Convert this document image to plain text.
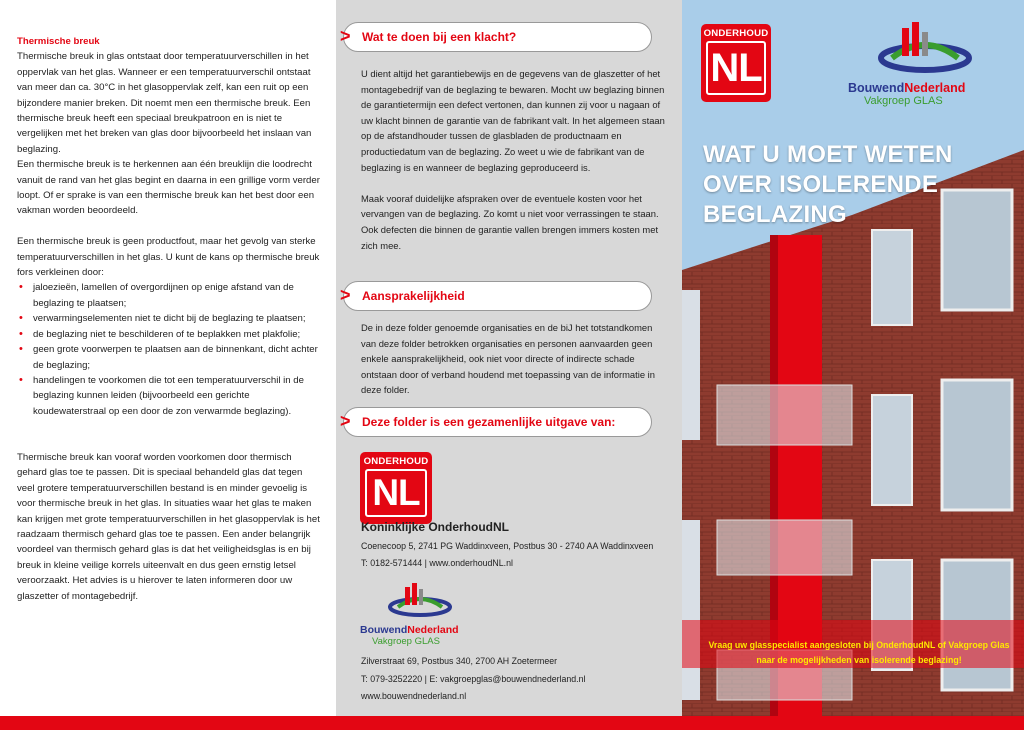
Thermische breuk

Thermische breuk in glas ontstaat door temperatuurverschillen in het oppervlak van het glas. Wanneer er een temperatuurverschil ontstaat van meer dan ca. 30°C in het glasoppervlak zelf, kan een ruit op een bijzondere manier breken. Dit noemt men een thermische breuk. Een thermische breuk heeft een speciaal breukpatroon en is niet te vergelijken met het breken van glas door bijvoorbeeld het inslaan van beglazing.

Een thermische breuk is te herkennen aan één breuklijn die loodrecht vanuit de rand van het glas begint en daarna in een grillige vorm verder loopt. Of er sprake is van een thermische breuk kan het best door een vakman worden beoordeeld.

Een thermische breuk is geen productfout, maar het gevolg van sterke temperatuurverschillen in het glas. U kunt de kans op thermische breuk fors verkleinen door:

• jaloezieën, lamellen of overgordijnen op enige afstand van de beglazing te plaatsen;
• verwarmingselementen niet te dicht bij de beglazing te plaatsen;
• de beglazing niet te beschilderen of te beplakken met plakfolie;
• geen grote voorwerpen te plaatsen aan de binnenkant, dicht achter de beglazing;
• handelingen te voorkomen die tot een temperatuurverschil in de beglazing kunnen leiden (bijvoorbeeld een gerichte koudewaterstraal op een door de zon verwarmde beglazing).

Thermische breuk kan vooraf worden voorkomen door thermisch gehard glas toe te passen. Dit is speciaal behandeld glas dat tegen veel grotere temperatuurverschillen bestand is en minder gevoelig is voor thermische breuk in het glas. In situaties waar het glas te maken kan krijgen met grote temperatuurverschillen in het glasoppervlak is het raadzaam thermisch gehard glas toe te passen. Een ander belangrijk voordeel van thermisch gehard glas is dat het veiligheidsglas is en bij breuk in kleine veilige korrels uiteenvalt en dus geen ernstig letsel veroorzaakt. Het advies is u hierover te laten informeren door uw glaszetter of montagebedrijf.

> Wat te doen bij een klacht?

U dient altijd het garantiebewijs en de gegevens van de glaszetter of het montagebedrijf van de beglazing te bewaren. Mocht uw beglazing binnen de garantietermijn een defect vertonen, dan kunnen zij voor u nagaan of uw klacht binnen de garantie van de fabrikant valt. In het algemeen staan op de afstandhouder tussen de glasbladen de productnaam en productiedatum van de beglazing. Zo weet u wie de fabrikant van de beglazing is en wanneer de beglazing geproduceerd is.

Maak vooraf duidelijke afspraken over de eventuele kosten voor het vervangen van de beglazing. Zo komt u niet voor verrassingen te staan. Ook defecten die binnen de garantie vallen brengen immers kosten met zich mee.

> Aansprakelijkheid

De in deze folder genoemde organisaties en de biJ het totstandkomen van deze folder betrokken organisaties en personen aanvaarden geen enkele aansprakelijkheid, ook niet voor directe of indirecte schade ontstaan door of verband houdend met toepassing van de informatie in deze folder.

> Deze folder is een gezamenlijke uitgave van:
ONDERHOUD
NL
Koninklijke OnderhoudNL
Coenecoop 5, 2741 PG Waddinxveen, Postbus 30 - 2740 AA Waddinxveen
T: 0182-571444 | www.onderhoudNL.nl
BouwendNederland
Vakgroep GLAS
Zilverstraat 69, Postbus 340, 2700 AH Zoetermeer
T: 079-3252220 | E: vakgroepglas@bouwendnederland.nl
www.bouwendnederland.nl
ONDERHOUD
NL	BouwendNederland
Vakgroep GLAS
WAT U MOET WETEN
OVER ISOLERENDE
BEGLAZING
Vraag uw glasspecialist aangesloten bij OnderhoudNL of Vakgroep Glas
naar de mogelijkheden van isolerende beglazing!
